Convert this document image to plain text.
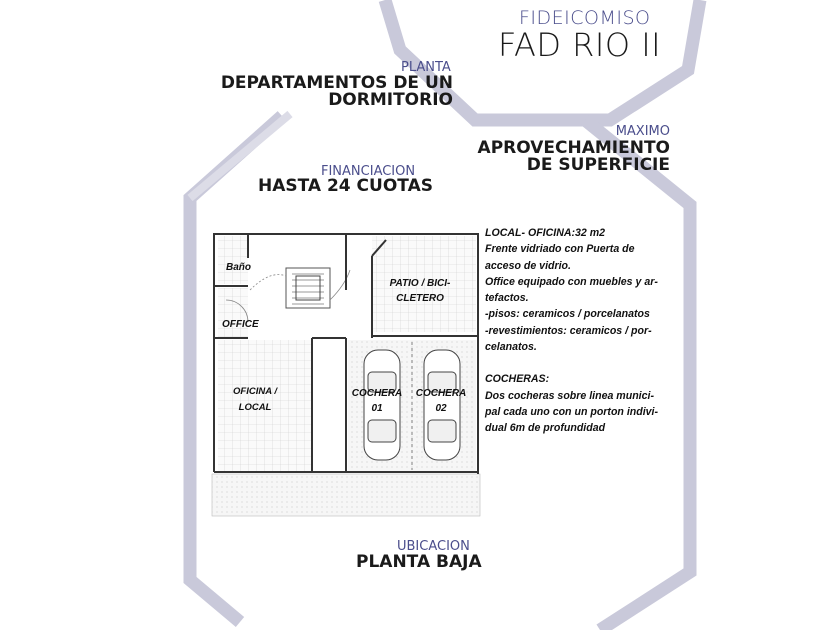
FIDEICOMISO
FAD RIO II
PLANTA
DEPARTAMENTOS DE UN
DORMITORIO
MAXIMO
APROVECHAMIENTO
DE SUPERFICIE
FINANCIACION
HASTA 24 CUOTAS

LOCAL- OFICINA:32 m2

Frente vidriado con Puerta de

acceso de vidrio.

Office equipado con muebles y ar-

tefactos.

-pisos: ceramicos / porcelanatos

-revestimientos: ceramicos / por-

celanatos.

COCHERAS:

Dos cocheras sobre linea munici-

pal cada uno con un porton indivi-

dual 6m de profundidad

Baño
OFFICE
PATIO / BICI-
CLETERO
OFICINA /
LOCAL
COCHERA
01
COCHERA
02
UBICACION
PLANTA BAJA
